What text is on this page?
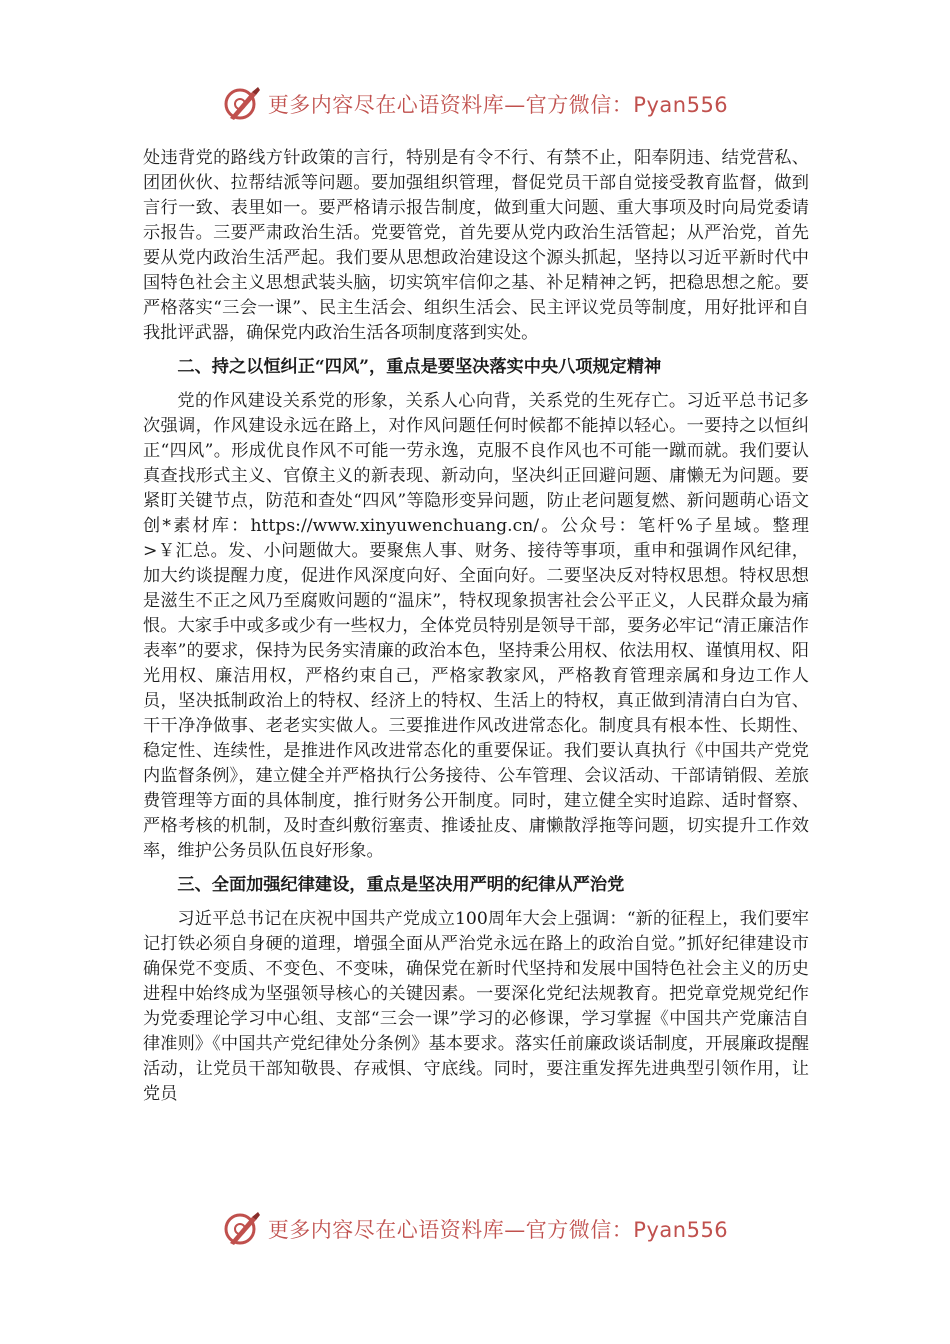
更多内容尽在心语资料库—官方微信：Pyan556

处违背党的路线方针政策的言行，特别是有令不行、有禁不止，阳奉阴违、结党营私、团团伙伙、拉帮结派等问题。要加强组织管理，督促党员干部自觉接受教育监督，做到言行一致、表里如一。要严格请示报告制度，做到重大问题、重大事项及时向局党委请示报告。三要严肃政治生活。党要管党，首先要从党内政治生活管起；从严治党，首先要从党内政治生活严起。我们要从思想政治建设这个源头抓起，坚持以习近平新时代中国特色社会主义思想武装头脑，切实筑牢信仰之基、补足精神之钙，把稳思想之舵。要严格落实“三会一课”、民主生活会、组织生活会、民主评议党员等制度，用好批评和自我批评武器，确保党内政治生活各项制度落到实处。

二、持之以恒纠正“四风”，重点是要坚决落实中央八项规定精神

党的作风建设关系党的形象，关系人心向背，关系党的生死存亡。习近平总书记多次强调，作风建设永远在路上，对作风问题任何时候都不能掉以轻心。一要持之以恒纠正“四风”。形成优良作风不可能一劳永逸，克服不良作风也不可能一蹴而就。我们要认真查找形式主义、官僚主义的新表现、新动向，坚决纠正回避问题、庸懒无为问题。要紧盯关键节点，防范和查处“四风”等隐形变异问题，防止老问题复燃、新问题萌心语文创*素材库：https://www.xinyuwenchuang.cn/。公众号：笔杆%子星域。整理>￥汇总。发、小问题做大。要聚焦人事、财务、接待等事项，重申和强调作风纪律，加大约谈提醒力度，促进作风深度向好、全面向好。二要坚决反对特权思想。特权思想是滋生不正之风乃至腐败问题的“温床”，特权现象损害社会公平正义，人民群众最为痛恨。大家手中或多或少有一些权力，全体党员特别是领导干部，要务必牢记“清正廉洁作表率”的要求，保持为民务实清廉的政治本色，坚持秉公用权、依法用权、谨慎用权、阳光用权、廉洁用权，严格约束自己，严格家教家风，严格教育管理亲属和身边工作人员，坚决抵制政治上的特权、经济上的特权、生活上的特权，真正做到清清白白为官、干干净净做事、老老实实做人。三要推进作风改进常态化。制度具有根本性、长期性、稳定性、连续性，是推进作风改进常态化的重要保证。我们要认真执行《中国共产党党内监督条例》，建立健全并严格执行公务接待、公车管理、会议活动、干部请销假、差旅费管理等方面的具体制度，推行财务公开制度。同时，建立健全实时追踪、适时督察、严格考核的机制，及时查纠敷衍塞责、推诿扯皮、庸懒散浮拖等问题，切实提升工作效率，维护公务员队伍良好形象。

三、全面加强纪律建设，重点是坚决用严明的纪律从严治党

习近平总书记在庆祝中国共产党成立100周年大会上强调：“新的征程上，我们要牢记打铁必须自身硬的道理，增强全面从严治党永远在路上的政治自觉。”抓好纪律建设市确保党不变质、不变色、不变味，确保党在新时代坚持和发展中国特色社会主义的历史进程中始终成为坚强领导核心的关键因素。一要深化党纪法规教育。把党章党规党纪作为党委理论学习中心组、支部“三会一课”学习的必修课，学习掌握《中国共产党廉洁自律准则》《中国共产党纪律处分条例》基本要求。落实任前廉政谈话制度，开展廉政提醒活动，让党员干部知敬畏、存戒惧、守底线。同时，要注重发挥先进典型引领作用，让党员

更多内容尽在心语资料库—官方微信：Pyan556
